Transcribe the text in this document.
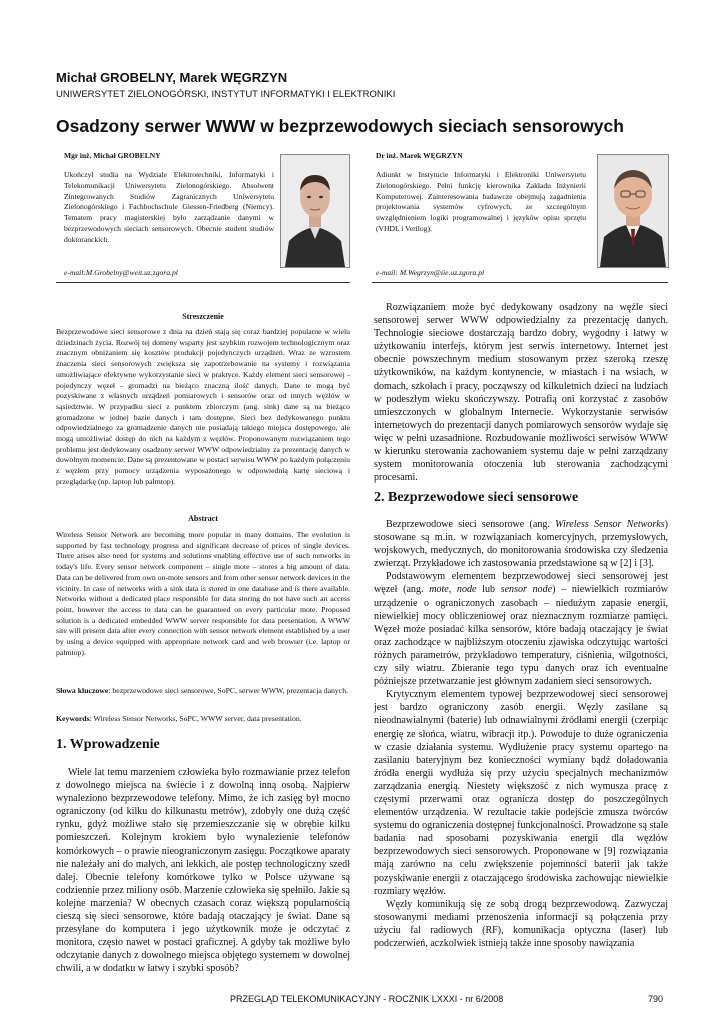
Michał GROBELNY, Marek WĘGRZYN
UNIWERSYTET ZIELONOGÓRSKI, INSTYTUT INFORMATYKI I ELEKTRONIKI
Osadzony serwer WWW w bezprzewodowych sieciach sensorowych
Mgr inż. Michał GROBELNY
Ukończył studia na Wydziale Elektrotechniki, Informatyki i Telekomunikacji Uniwersytetu Zielonogórskiego. Absolwent Zintegrowanych Studiów Zagranicznych Uniwersytetu Zielonogórskiego i Fachhochschule Giessen-Friedberg (Niemcy). Tematem pracy magisterskiej było zarządzanie danymi w bezprzewodowych sieciach sensorowych. Obecnie student studiów doktoranckich.
e-mail:M.Grobelny@weit.uz.zgora.pl
Dr inż. Marek WĘGRZYN
Adiunkt w Instytucie Informatyki i Elektroniki Uniwersytetu Zielonogórskiego. Pełni funkcję kierownika Zakładu Inżynierii Komputerowej. Zainteresowania badawcze obejmują zagadnienia projektowania systemów cyfrowych, ze szczególnym uwzględnieniem logiki programowalnej i języków opisu sprzętu (VHDL i Verilog).
e-mail: M.Wegrzyn@iie.uz.zgora.pl
Streszczenie
Bezprzewodowe sieci sensorowe z dnia na dzień stają się coraz bardziej popularne w wielu dziedzinach życia. Rozwój tej domeny wsparty jest szybkim rozwojem technologicznym oraz znacznym obniżaniem się kosztów produkcji pojedynczych urządzeń. Wraz ze wzrostem znaczenia sieci sensorowych zwiększa się zapotrzebowanie na systemy i rozwiązania umożliwiające efektywne wykorzystanie sieci w praktyce. Każdy element sieci sensorowej - pojedynczy węzeł - gromadzi na bieżąco znaczną ilość danych. Dane te mogą być pozyskiwane z własnych urządzeń pomiarowych i sensorów oraz od innych węzłów w sąsiedztwie. W przypadku sieci z punktem zbiorczym (ang. sink) dane są na bieżąco gromadzone w jednej bazie danych i tam dostępne. Sieci bez dedykowanego punktu odpowiedzialnego za gromadzenie danych nie posiadają takiego miejsca dostępowego, ale mogą umożliwiać dostęp do nich na każdym z węzłów. Proponowanym rozwiązaniem tego problemu jest dedykowany osadzony serwer WWW odpowiedzialny za prezentację danych w dowolnym momencie. Dane są prezentowane w postaci serwisu WWW po każdym połączeniu z węzłem przy pomocy urządzenia wyposażonego w odpowiednią kartę sieciową i przeglądarkę (np. laptop lub palmtop).
Abstract
Wireless Sensor Network are becoming more popular in many domains. The evolution is supported by fast technology progress and significant decrease of prices of single devices. There arises also need for systems and solutions enabling effective use of such networks in today's life. Every sensor network component – single mote – stores a big amount of data. Data can be delivered from own on-mote sensors and from other sensor network devices in the vicinity. In case of networks with a sink data is stored in one database and is there available. Networks without a dedicated place responsible for data storing do not have such an access point, however the access to data can be guaranteed on every particular mote. Proposed solution is a dedicated embedded WWW server responsible for data presentation. A WWW site will present data after every connection with sensor network element established by a user by using a device equipped with appropriate network card and web browser (i.e. laptop or palmtop).
Słowa kluczowe: bezprzewodowe sieci sensorowe, SoPC, serwer WWW, prezentacja danych.
Keywords: Wireless Sensor Networks, SoPC, WWW server, data presentation.
1. Wprowadzenie

Wiele lat temu marzeniem człowieka było rozmawianie przez telefon z dowolnego miejsca na świecie i z dowolną inną osobą. Najpierw wynaleziono bezprzewodowe telefony. Mimo, że ich zasięg był mocno ograniczony (od kilku do kilkunastu metrów), zdobyły one dużą część rynku, gdyż możliwe stało się przemieszczanie się w obrębie kilku pomieszczeń. Kolejnym krokiem było wynalezienie telefonów komórkowych – o prawie nieograniczonym zasięgu. Początkowe aparaty nie należały ani do małych, ani lekkich, ale postęp technologiczny szedł dalej. Obecnie telefony komórkowe tylko w Polsce używane są codziennie przez miliony osób. Marzenie człowieka się spełniło. Jakie są kolejne marzenia? W obecnych czasach coraz większą popularnością cieszą się sieci sensorowe, które badają otaczający je świat. Dane są przesyłane do komputera i jego użytkownik może je odczytać z monitora, często nawet w postaci graficznej. A gdyby tak możliwe było odczytanie danych z dowolnego miejsca objętego systemem w dowolnej chwili, a w dodatku w łatwy i szybki sposób?

Rozwiązaniem może być dedykowany osadzony na węźle sieci sensorowej serwer WWW odpowiedzialny za prezentację danych. Technologie sieciowe dostarczają bardzo dobry, wygodny i łatwy w użytkowaniu interfejs, którym jest serwis internetowy. Internet jest obecnie powszechnym medium stosowanym przez szeroką rzeszę użytkowników, na każdym kontynencie, w miastach i na wsiach, w domach, szkołach i pracy, począwszy od kilkuletnich dzieci na ludziach w podeszłym wieku skończywszy. Potrafią oni korzystać z zasobów umieszczonych w globalnym Internecie. Wykorzystanie serwisów internetowych do prezentacji danych pomiarowych sensorów wydaje się więc w pełni uzasadnione. Rozbudowanie możliwości serwisów WWW w kierunku sterowania zachowaniem systemu daje w pełni zarządzany system monitorowania otoczenia lub sterowania zachodzącymi procesami.

2. Bezprzewodowe sieci sensorowe

Bezprzewodowe sieci sensorowe (ang. Wireless Sensor Networks) stosowane są m.in. w rozwiązaniach komercyjnych, przemysłowych, wojskowych, medycznych, do monitorowania środowiska czy śledzenia zwierząt. Przykładowe ich zastosowania przedstawione są w [2] i [3].

Podstawowym elementem bezprzewodowej sieci sensorowej jest węzeł (ang. mote, node lub sensor node) – niewielkich rozmiarów urządzenie o ograniczonych zasobach – niedużym zapasie energii, niewielkiej mocy obliczeniowej oraz nieznacznym rozmiarze pamięci. Węzeł może posiadać kilka sensorów, które badają otaczający je świat oraz zachodzące w najbliższym otoczeniu zjawiska odczytując wartości różnych parametrów, przykładowo temperatury, ciśnienia, wilgotności, czy siły wiatru. Zbieranie tego typu danych oraz ich eventualne późniejsze przetwarzanie jest głównym zadaniem sieci sensorowych.

Krytycznym elementem typowej bezprzewodowej sieci sensorowej jest bardzo ograniczony zasób energii. Węzły zasilane są nieodnawialnymi (baterie) lub odnawialnymi źródłami energii (czerpiąc energię ze słońca, wiatru, wibracji itp.). Powoduje to duże ograniczenia w czasie działania systemu. Wydłużenie pracy systemu opartego na zasilaniu bateryjnym bez konieczności wymiany bądź doładowania źródła energii wydłuża się przy użyciu specjalnych mechanizmów zarządzania energią. Niestety większość z nich wymusza pracę z częstymi przerwami oraz ogranicza dostęp do poszczególnych elementów urządzenia. W rezultacie takie podejście zmusza twórców systemu do ograniczenia dostępnej funkcjonalności. Prowadzone są stale badania nad sposobami pozyskiwania energii dla węzłów bezprzewodowych sieci sensorowych. Proponowane w [9] rozwiązania mają zarówno na celu zwiększenie pojemności baterii jak także pozyskiwanie energii z otaczającego środowiska zachowując niewielkie rozmiary węzłów.

Węzły komunikują się ze sobą drogą bezprzewodową. Zazwyczaj stosowanymi mediami przenoszenia informacji są połączenia przy użyciu fal radiowych (RF), komunikacja optyczna (laser) lub podczerwień, aczkolwiek istnieją także inne sposoby nawiązania

PRZEGLĄD TELEKOMUNIKACYJNY - ROCZNIK LXXXI - nr 6/2008	790
